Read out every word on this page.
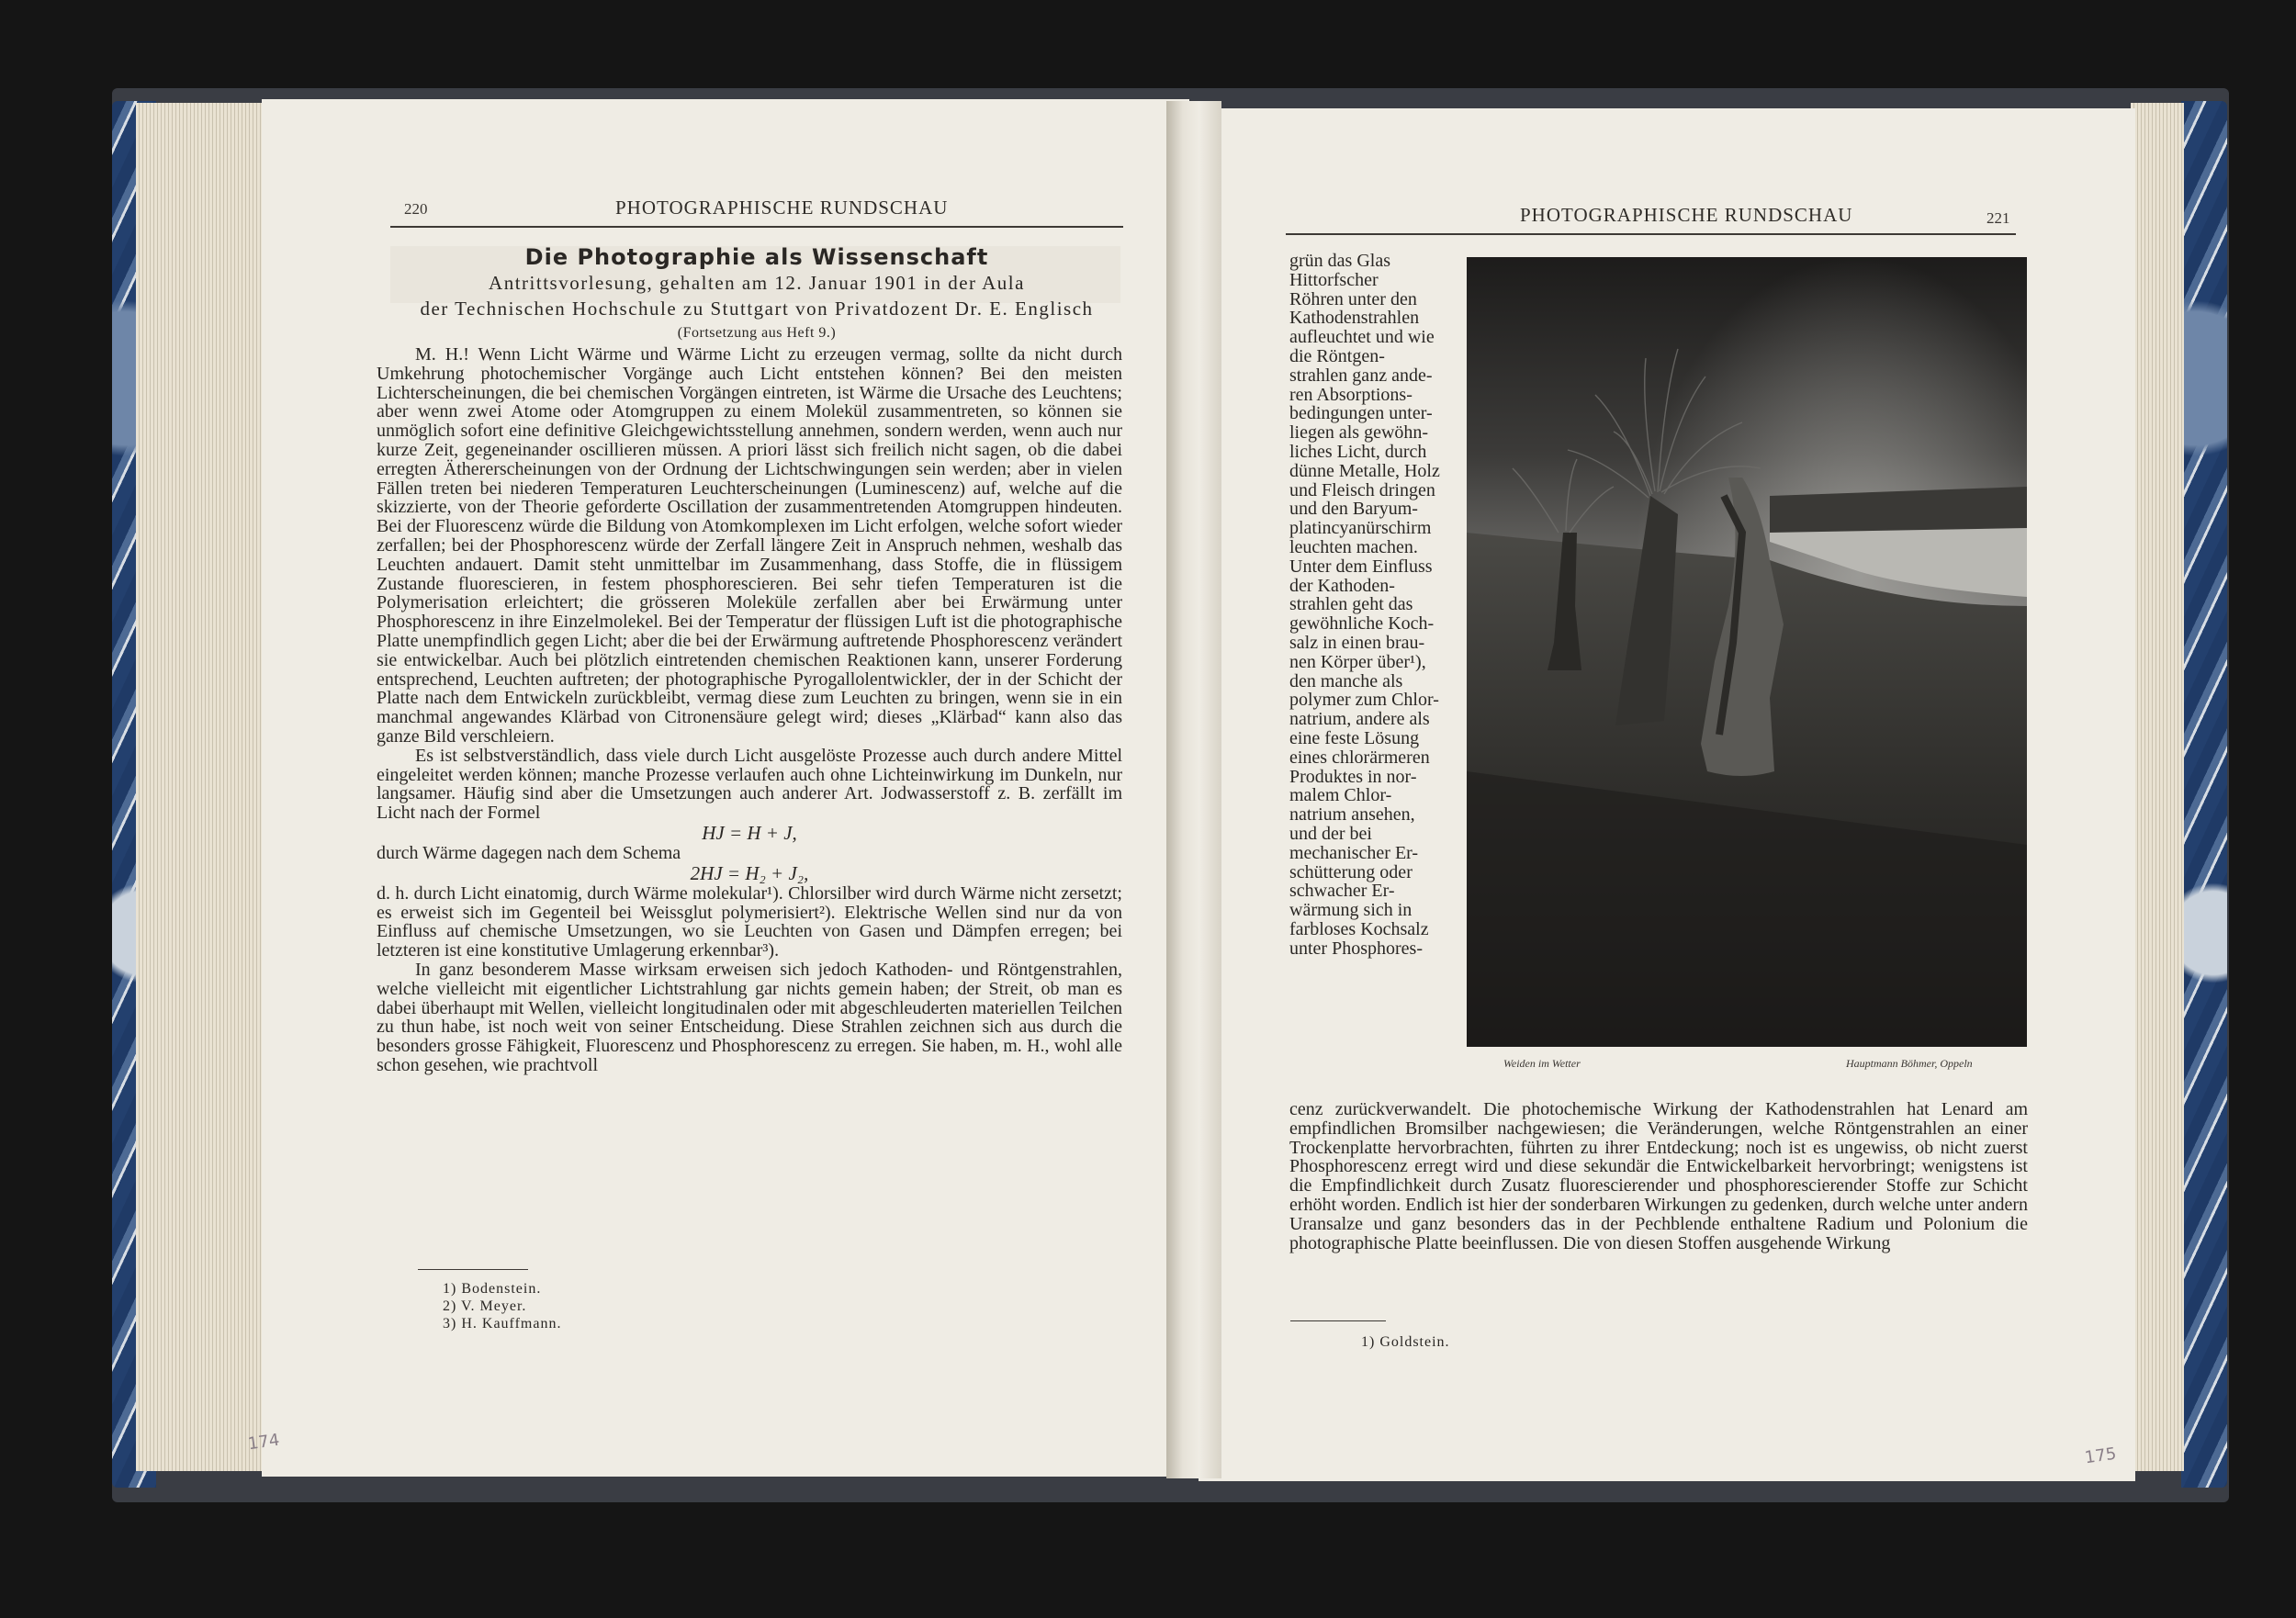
220	PHOTOGRAPHISCHE RUNDSCHAU
Die Photographie als Wissenschaft
Antrittsvorlesung, gehalten am 12. Januar 1901 in der Aula
der Technischen Hochschule zu Stuttgart von Privatdozent Dr. E. Englisch
(Fortsetzung aus Heft 9.)

M. H.! Wenn Licht Wärme und Wärme Licht zu erzeugen vermag, sollte da nicht durch Umkehrung photochemischer Vorgänge auch Licht entstehen können? Bei den meisten Lichterscheinungen, die bei chemischen Vorgängen eintreten, ist Wärme die Ursache des Leuchtens; aber wenn zwei Atome oder Atomgruppen zu einem Molekül zusammentreten, so können sie unmöglich sofort eine definitive Gleichgewichtsstellung annehmen, sondern werden, wenn auch nur kurze Zeit, gegeneinander oscillieren müssen. A priori lässt sich freilich nicht sagen, ob die dabei erregten Äthererscheinungen von der Ordnung der Lichtschwingungen sein werden; aber in vielen Fällen treten bei niederen Temperaturen Leuchterscheinungen (Luminescenz) auf, welche auf die skizzierte, von der Theorie geforderte Oscillation der zusammentretenden Atomgruppen hindeuten. Bei der Fluorescenz würde die Bildung von Atomkomplexen im Licht erfolgen, welche sofort wieder zerfallen; bei der Phosphorescenz würde der Zerfall längere Zeit in Anspruch nehmen, weshalb das Leuchten andauert. Damit steht unmittelbar im Zusammenhang, dass Stoffe, die in flüssigem Zustande fluorescieren, in festem phosphorescieren. Bei sehr tiefen Temperaturen ist die Polymerisation erleichtert; die grösseren Moleküle zerfallen aber bei Erwärmung unter Phosphorescenz in ihre Einzelmolekel. Bei der Temperatur der flüssigen Luft ist die photographische Platte unempfindlich gegen Licht; aber die bei der Erwärmung auftretende Phosphorescenz verändert sie entwickelbar. Auch bei plötzlich eintretenden chemischen Reaktionen kann, unserer Forderung entsprechend, Leuchten auftreten; der photographische Pyrogallolentwickler, der in der Schicht der Platte nach dem Entwickeln zurückbleibt, vermag diese zum Leuchten zu bringen, wenn sie in ein manchmal angewandes Klärbad von Citronensäure gelegt wird; dieses „Klärbad“ kann also das ganze Bild verschleiern.

Es ist selbstverständlich, dass viele durch Licht ausgelöste Prozesse auch durch andere Mittel eingeleitet werden können; manche Prozesse verlaufen auch ohne Lichteinwirkung im Dunkeln, nur langsamer. Häufig sind aber die Umsetzungen auch anderer Art. Jodwasserstoff z. B. zerfällt im Licht nach der Formel

HJ = H + J,

durch Wärme dagegen nach dem Schema

2HJ = H₂ + J₂,

d. h. durch Licht einatomig, durch Wärme molekular¹). Chlorsilber wird durch Wärme nicht zersetzt; es erweist sich im Gegenteil bei Weissglut polymerisiert²). Elektrische Wellen sind nur da von Einfluss auf chemische Umsetzungen, wo sie Leuchten von Gasen und Dämpfen erregen; bei letzteren ist eine konstitutive Umlagerung erkennbar³).

In ganz besonderem Masse wirksam erweisen sich jedoch Kathoden- und Röntgenstrahlen, welche vielleicht mit eigentlicher Lichtstrahlung gar nichts gemein haben; der Streit, ob man es dabei überhaupt mit Wellen, vielleicht longitudinalen oder mit abgeschleuderten materiellen Teilchen zu thun habe, ist noch weit von seiner Entscheidung. Diese Strahlen zeichnen sich aus durch die besonders grosse Fähigkeit, Fluorescenz und Phosphorescenz zu erregen. Sie haben, m. H., wohl alle schon gesehen, wie prachtvoll

1) Bodenstein.
2) V. Meyer.
3) H. Kauffmann.
174
PHOTOGRAPHISCHE RUNDSCHAU	221
grün das Glas
Hittorfscher
Röhren unter den
Kathodenstrahlen
aufleuchtet und wie
die Röntgen-
strahlen ganz ande-
ren Absorptions-
bedingungen unter-
liegen als gewöhn-
liches Licht, durch
dünne Metalle, Holz
und Fleisch dringen
und den Baryum-
platincyanürschirm
leuchten machen.
Unter dem Einfluss
der Kathoden-
strahlen geht das
gewöhnliche Koch-
salz in einen brau-
nen Körper über¹),
den manche als
polymer zum Chlor-
natrium, andere als
eine feste Lösung
eines chlorärmeren
Produktes in nor-
malem Chlor-
natrium ansehen,
und der bei
mechanischer Er-
schütterung oder
schwacher Er-
wärmung sich in
farbloses Kochsalz
unter Phosphores-
Weiden im Wetter	Hauptmann Böhmer, Oppeln

cenz zurückverwandelt. Die photochemische Wirkung der Kathodenstrahlen hat Lenard am empfindlichen Bromsilber nachgewiesen; die Veränderungen, welche Röntgenstrahlen an einer Trockenplatte hervorbrachten, führten zu ihrer Entdeckung; noch ist es ungewiss, ob nicht zuerst Phosphorescenz erregt wird und diese sekundär die Entwickelbarkeit hervorbringt; wenigstens ist die Empfindlichkeit durch Zusatz fluorescierender und phosphorescierender Stoffe zur Schicht erhöht worden. Endlich ist hier der sonderbaren Wirkungen zu gedenken, durch welche unter andern Uransalze und ganz besonders das in der Pechblende enthaltene Radium und Polonium die photographische Platte beeinflussen. Die von diesen Stoffen ausgehende Wirkung

1) Goldstein.
175
